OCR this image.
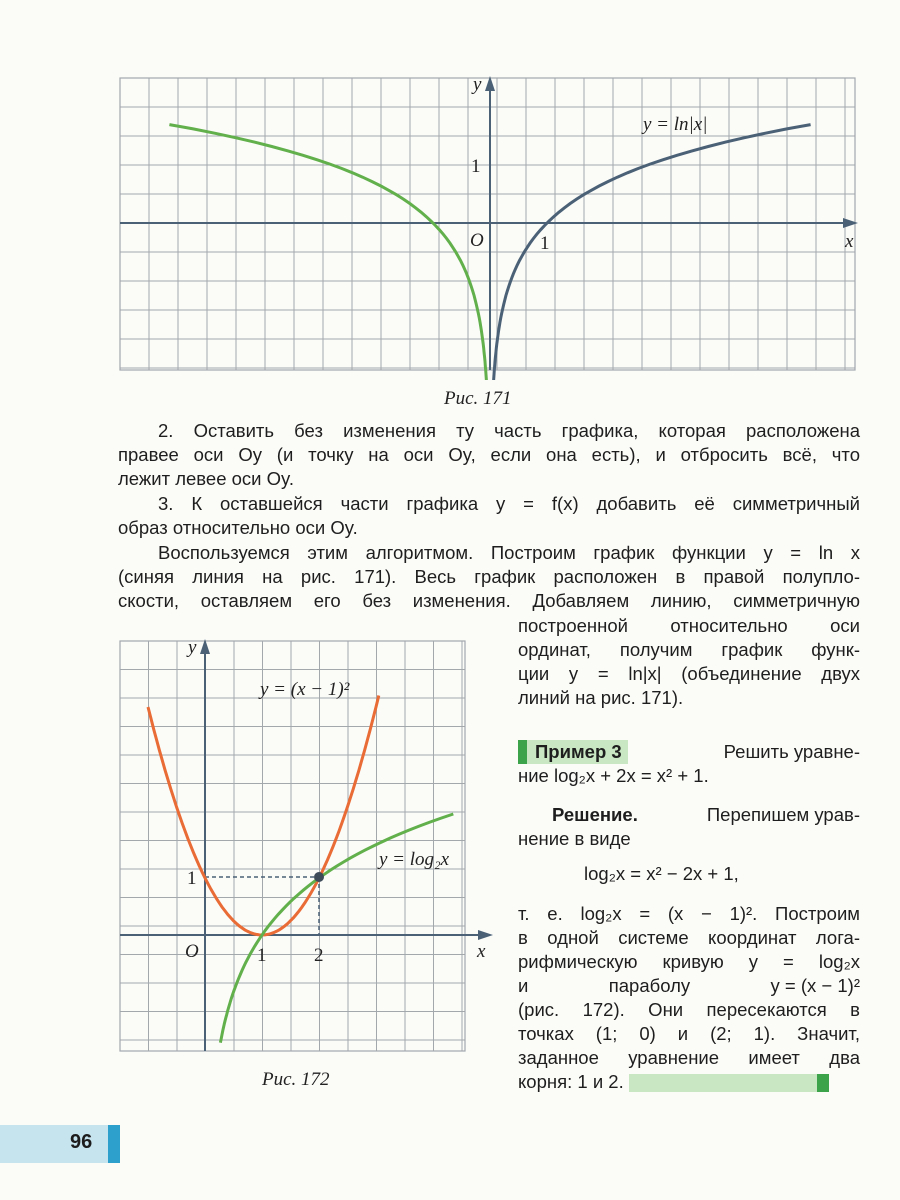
y
x
O	1
1
y = ln|x|
Рис. 171
2. Оставить без изменения ту часть графика, которая расположена
правее оси Oy (и точку на оси Oy, если она есть), и отбросить всё, что
лежит левее оси Oy.
3. К оставшейся части графика y = f(x) добавить её симметричный
образ относительно оси Oy.
Воспользуемся этим алгоритмом. Построим график функции y = ln x
(синяя линия на рис. 171). Весь график расположен в правой полупло-
скости, оставляем его без изменения. Добавляем линию, симметричную
построенной относительно оси
ординат, получим график функ-
ции y = ln|x| (объединение двух
линий на рис. 171).
Пример 3	Решить уравне-
ние log₂x + 2x = x² + 1.
Решение.	Перепишем урав-
нение в виде
log₂x = x² − 2x + 1,
т. е. log₂x = (x − 1)². Построим
в одной системе координат лога-
рифмическую кривую y = log₂x
и	параболу	y = (x − 1)²
(рис. 172). Они пересекаются в
точках (1; 0) и (2; 1). Значит,
заданное уравнение имеет два
корня: 1 и 2.
y
x
O	1	2
1
y = (x − 1)²
y = log₂x
Рис. 172
96
